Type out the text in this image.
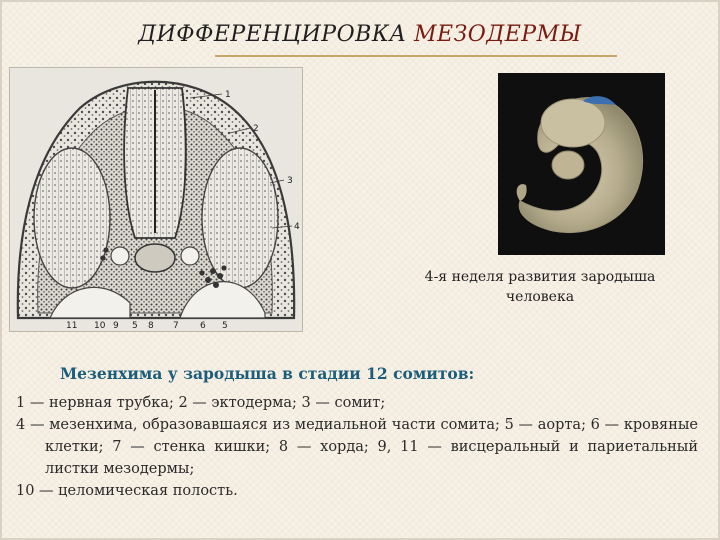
ДИФФЕРЕНЦИРОВКА МЕЗОДЕРМЫ
1
2
3
4
11 10 9 5 8 7 6 5
4-я неделя развития зародыша
человека
Мезенхима у зародыша в стадии 12 сомитов:

1 — нервная трубка; 2 — эктодерма; 3 — сомит;

4 — мезенхима, образовавшаяся из медиальной части сомита; 5 — аорта; 6 — кровяные клетки; 7 — стенка кишки; 8 — хорда; 9, 11 — висцеральный и париетальный листки мезодермы;

10 — целомическая полость.
